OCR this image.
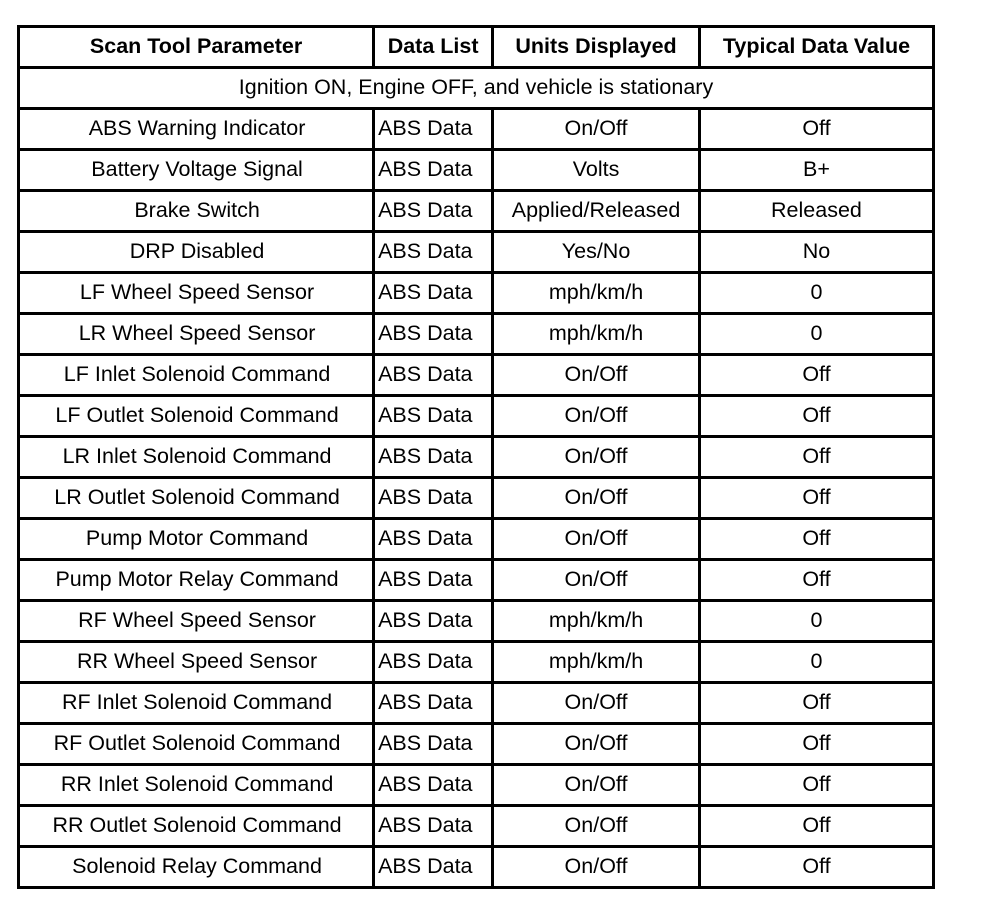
Scan Tool Parameter	Data List	Units Displayed	Typical Data Value
Ignition ON, Engine OFF, and vehicle is stationary			
ABS Warning Indicator	ABS Data	On/Off	Off
Battery Voltage Signal	ABS Data	Volts	B+
Brake Switch	ABS Data	Applied/Released	Released
DRP Disabled	ABS Data	Yes/No	No
LF Wheel Speed Sensor	ABS Data	mph/km/h	0
LR Wheel Speed Sensor	ABS Data	mph/km/h	0
LF Inlet Solenoid Command	ABS Data	On/Off	Off
LF Outlet Solenoid Command	ABS Data	On/Off	Off
LR Inlet Solenoid Command	ABS Data	On/Off	Off
LR Outlet Solenoid Command	ABS Data	On/Off	Off
Pump Motor Command	ABS Data	On/Off	Off
Pump Motor Relay Command	ABS Data	On/Off	Off
RF Wheel Speed Sensor	ABS Data	mph/km/h	0
RR Wheel Speed Sensor	ABS Data	mph/km/h	0
RF Inlet Solenoid Command	ABS Data	On/Off	Off
RF Outlet Solenoid Command	ABS Data	On/Off	Off
RR Inlet Solenoid Command	ABS Data	On/Off	Off
RR Outlet Solenoid Command	ABS Data	On/Off	Off
Solenoid Relay Command	ABS Data	On/Off	Off
